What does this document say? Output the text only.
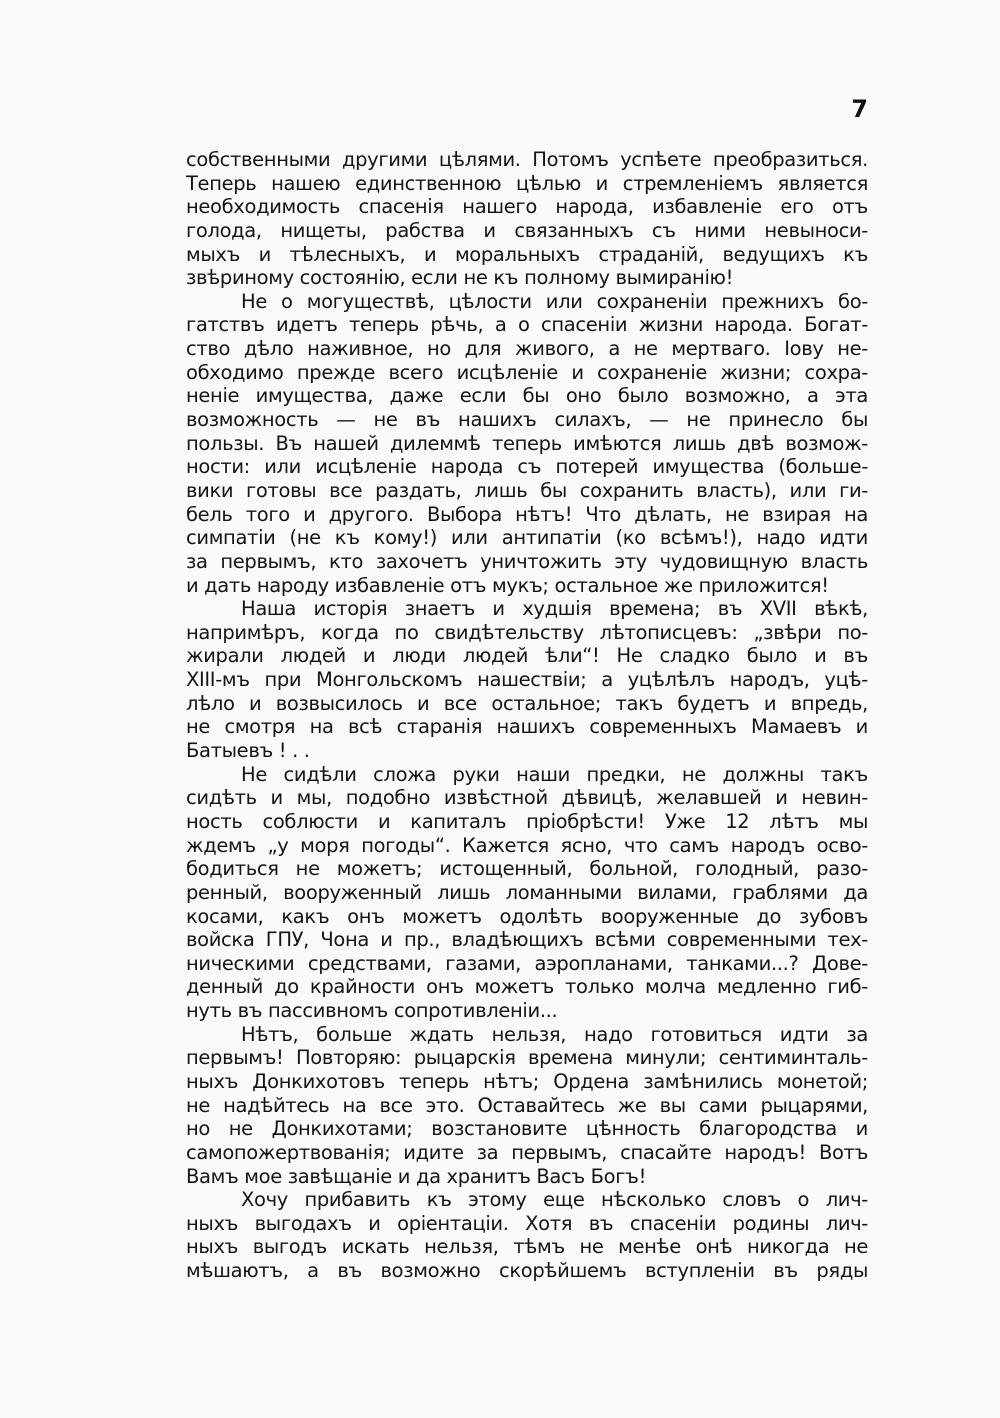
7
собственными другими цѣлями. Потомъ успѣете преобразиться.
Теперь нашею единственною цѣлью и стремленіемъ является
необходимость спасенія нашего народа, избавленіе его отъ
голода, нищеты, рабства и связанныхъ съ ними невыноси-
мыхъ и тѣлесныхъ, и моральныхъ страданій, ведущихъ къ
звѣриному состоянію, если не къ полному вымиранію!
Не о могуществѣ, цѣлости или сохраненіи прежнихъ бо-
гатствъ идетъ теперь рѣчь, а о спасеніи жизни народа. Богат-
ство дѣло наживное, но для живого, а не мертваго. Іову не-
обходимо прежде всего исцѣленіе и сохраненіе жизни; сохра-
неніе имущества, даже если бы оно было возможно, а эта
возможность — не въ нашихъ силахъ, — не принесло бы
пользы. Въ нашей дилеммѣ теперь имѣются лишь двѣ возмож-
ности: или исцѣленіе народа съ потерей имущества (больше-
вики готовы все раздать, лишь бы сохранить власть), или ги-
бель того и другого. Выбора нѣтъ! Что дѣлать, не взирая на
симпатіи (не къ кому!) или антипатіи (ко всѣмъ!), надо идти
за первымъ, кто захочетъ уничтожить эту чудовищную власть
и дать народу избавленіе отъ мукъ; остальное же приложится!
Наша исторія знаетъ и худшія времена; въ XVII вѣкѣ,
напримѣръ, когда по свидѣтельству лѣтописцевъ: „звѣри по-
жирали людей и люди людей ѣли“! Не сладко было и въ
XIII-мъ при Монгольскомъ нашествіи; а уцѣлѣлъ народъ, уцѣ-
лѣло и возвысилось и все остальное; такъ будетъ и впредь,
не смотря на всѣ старанія нашихъ современныхъ Мамаевъ и
Батыевъ ! . .
Не сидѣли сложа руки наши предки, не должны такъ
сидѣть и мы, подобно извѣстной дѣвицѣ, желавшей и невин-
ность соблюсти и капиталъ пріобрѣсти! Уже 12 лѣтъ мы
ждемъ „у моря погоды“. Кажется ясно, что самъ народъ осво-
бодиться не можетъ; истощенный, больной, голодный, разо-
ренный, вооруженный лишь ломанными вилами, граблями да
косами, какъ онъ можетъ одолѣть вооруженные до зубовъ
войска ГПУ, Чона и пр., владѣющихъ всѣми современными тех-
ническими средствами, газами, аэропланами, танками...? Дове-
денный до крайности онъ можетъ только молча медленно гиб-
нуть въ пассивномъ сопротивленіи...
Нѣтъ, больше ждать нельзя, надо готовиться идти за
первымъ! Повторяю: рыцарскія времена минули; сентиминталь-
ныхъ Донкихотовъ теперь нѣтъ; Ордена замѣнились монетой;
не надѣйтесь на все это. Оставайтесь же вы сами рыцарями,
но не Донкихотами; возстановите цѣнность благородства и
самопожертвованія; идите за первымъ, спасайте народъ! Вотъ
Вамъ мое завѣщаніе и да хранитъ Васъ Богъ!
Хочу прибавить къ этому еще нѣсколько словъ о лич-
ныхъ выгодахъ и оріентаціи. Хотя въ спасеніи родины лич-
ныхъ выгодъ искать нельзя, тѣмъ не менѣе онѣ никогда не
мѣшаютъ, а въ возможно скорѣйшемъ вступленіи въ ряды
